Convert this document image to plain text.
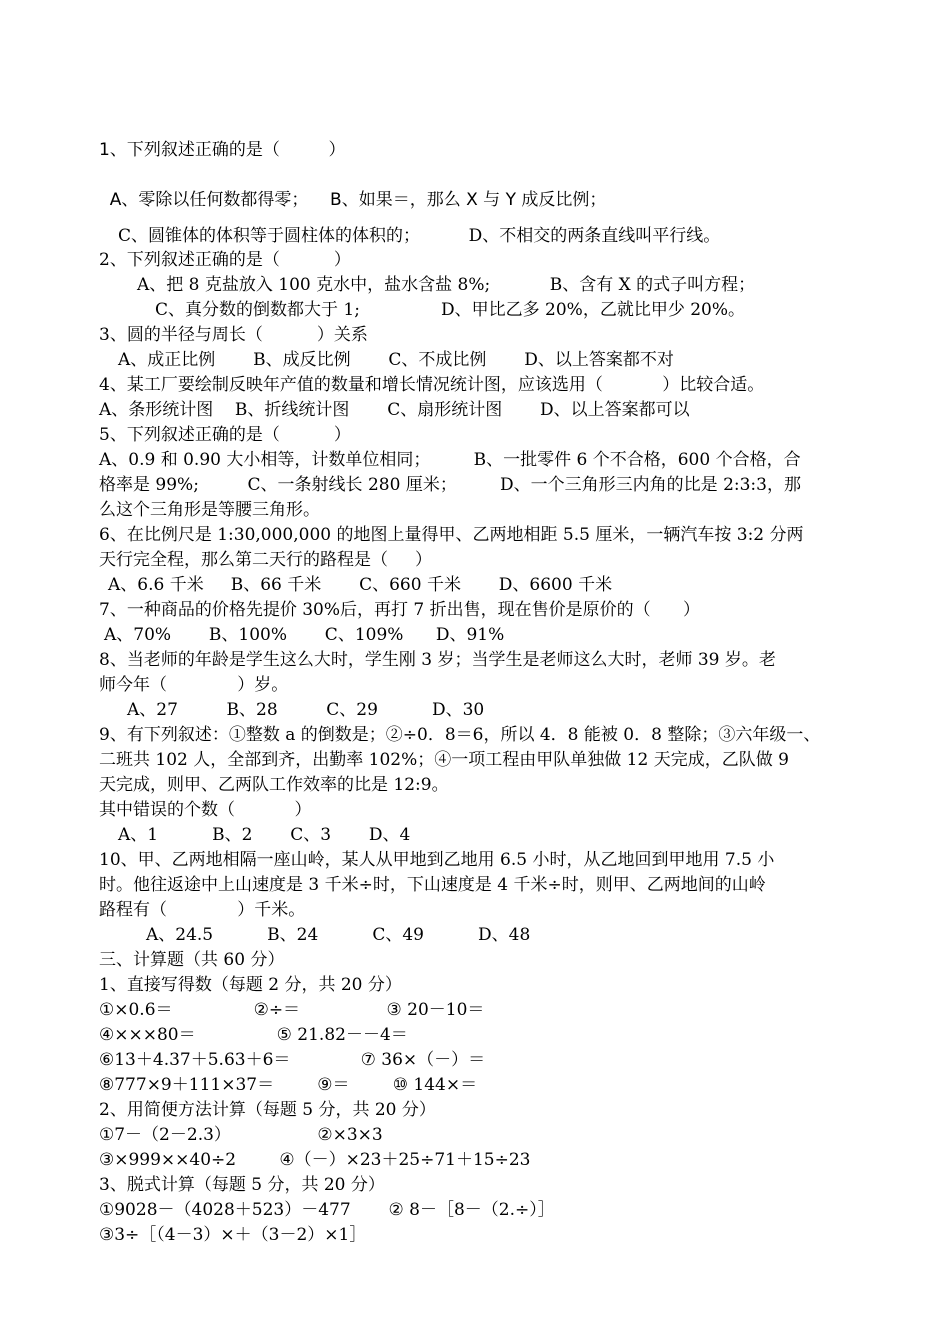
1、下列叙述正确的是（         ）
A、零除以任何数都得零；    B、如果＝，那么 X 与 Y 成反比例；
C、圆锥体的体积等于圆柱体的体积的；         D、不相交的两条直线叫平行线。
2、下列叙述正确的是（          ）
A、把 8 克盐放入 100 克水中，盐水含盐 8%;           B、含有 X 的式子叫方程；
C、真分数的倒数都大于 1;               D、甲比乙多 20%，乙就比甲少 20%。
3、圆的半径与周长（          ）关系
A、成正比例       B、成反比例       C、不成比例       D、以上答案都不对
4、某工厂要绘制反映年产值的数量和增长情况统计图，应该选用（           ）比较合适。
A、条形统计图    B、折线统计图       C、扇形统计图       D、以上答案都可以
5、下列叙述正确的是（          ）
A、0.9 和 0.90 大小相等，计数单位相同；        B、一批零件 6 个不合格，600 个合格，合
格率是 99%;         C、一条射线长 280 厘米；        D、一个三角形三内角的比是 2:3:3，那
么这个三角形是等腰三角形。
6、在比例尺是 1:30,000,000 的地图上量得甲、乙两地相距 5.5 厘米，一辆汽车按 3:2 分两
天行完全程，那么第二天行的路程是（     ）
A、6.6 千米     B、66 千米       C、660 千米       D、6600 千米
7、一种商品的价格先提价 30%后，再打 7 折出售，现在售价是原价的（      ）
A、70%       B、100%       C、109%      D、91%
8、当老师的年龄是学生这么大时，学生刚 3 岁；当学生是老师这么大时，老师 39 岁。老
师今年（             ）岁。
A、27         B、28         C、29          D、30
9、有下列叙述：①整数 a 的倒数是；②÷0．8＝6，所以 4．8 能被 0．8 整除；③六年级一、
二班共 102 人，全部到齐，出勤率 102%；④一项工程由甲队单独做 12 天完成，乙队做 9
天完成，则甲、乙两队工作效率的比是 12:9。
其中错误的个数（           ）
A、1          B、2       C、3       D、4
10、甲、乙两地相隔一座山岭，某人从甲地到乙地用 6.5 小时，从乙地回到甲地用 7.5 小
时。他往返途中上山速度是 3 千米÷时，下山速度是 4 千米÷时，则甲、乙两地间的山岭
路程有（             ）千米。
A、24.5          B、24          C、49          D、48
三、计算题（共 60 分）
1、直接写得数（每题 2 分，共 20 分）
①×0.6＝               ②÷＝                ③ 20－10＝
④×××80＝               ⑤ 21.82－－4＝
⑥13＋4.37＋5.63＋6＝             ⑦ 36×（－）＝
⑧777×9＋111×37＝        ⑨＝        ⑩ 144×＝
2、用简便方法计算（每题 5 分，共 20 分）
①7－（2－2.3）                ②×3×3
③×999××40÷2        ④（－）×23＋25÷71＋15÷23
3、脱式计算（每题 5 分，共 20 分）
①9028－（4028＋523）－477       ② 8－［8－（2.÷）］
③3÷［（4－3）×＋（3－2）×1］
